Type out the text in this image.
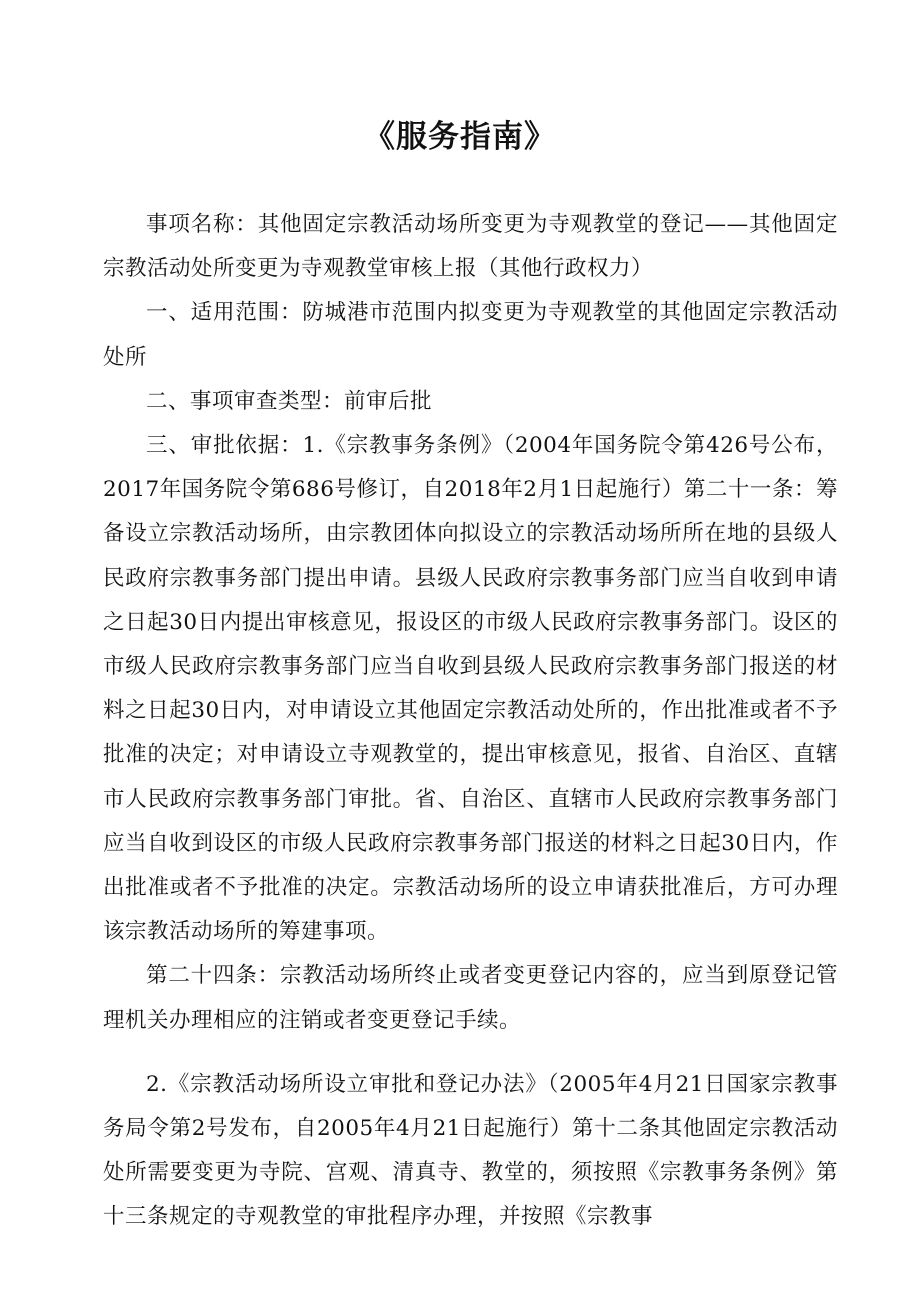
《服务指南》

事项名称：其他固定宗教活动场所变更为寺观教堂的登记——其他固定宗教活动处所变更为寺观教堂审核上报（其他行政权力）

一、适用范围：防城港市范围内拟变更为寺观教堂的其他固定宗教活动处所

二、事项审查类型：前审后批

三、审批依据：1.《宗教事务条例》（2004年国务院令第426号公布，2017年国务院令第686号修订，自2018年2月1日起施行）第二十一条：筹备设立宗教活动场所，由宗教团体向拟设立的宗教活动场所所在地的县级人民政府宗教事务部门提出申请。县级人民政府宗教事务部门应当自收到申请之日起30日内提出审核意见，报设区的市级人民政府宗教事务部门。设区的市级人民政府宗教事务部门应当自收到县级人民政府宗教事务部门报送的材料之日起30日内，对申请设立其他固定宗教活动处所的，作出批准或者不予批准的决定；对申请设立寺观教堂的，提出审核意见，报省、自治区、直辖市人民政府宗教事务部门审批。省、自治区、直辖市人民政府宗教事务部门应当自收到设区的市级人民政府宗教事务部门报送的材料之日起30日内，作出批准或者不予批准的决定。宗教活动场所的设立申请获批准后，方可办理该宗教活动场所的筹建事项。

第二十四条：宗教活动场所终止或者变更登记内容的，应当到原登记管理机关办理相应的注销或者变更登记手续。

2.《宗教活动场所设立审批和登记办法》（2005年4月21日国家宗教事务局令第2号发布，自2005年4月21日起施行）第十二条其他固定宗教活动处所需要变更为寺院、宫观、清真寺、教堂的，须按照《宗教事务条例》第十三条规定的寺观教堂的审批程序办理，并按照《宗教事
